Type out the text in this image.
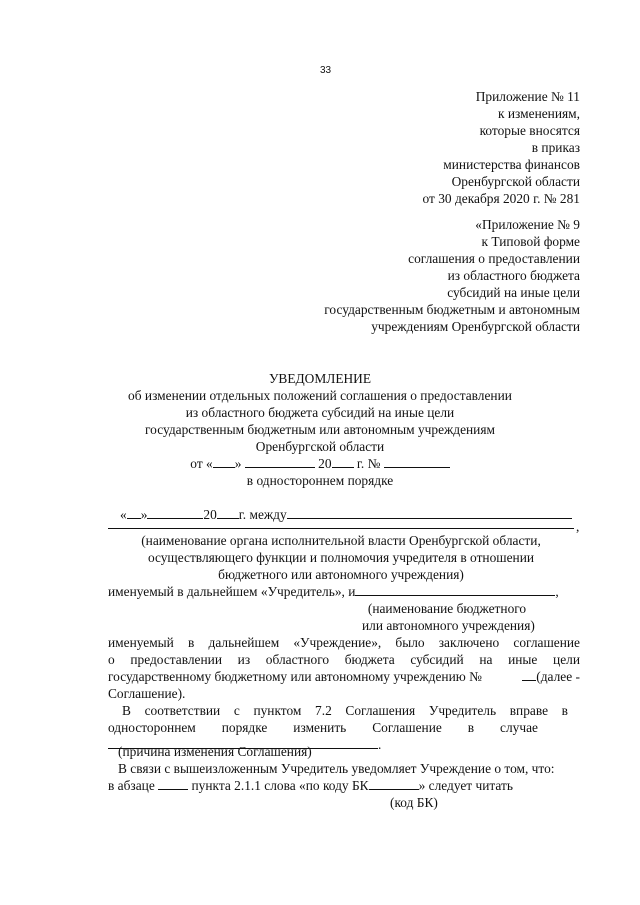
33
Приложение № 11
к изменениям,
которые вносятся
в приказ
министерства финансов
Оренбургской области
от 30 декабря 2020 г. № 281
«Приложение № 9
к Типовой форме
соглашения о предоставлении
из областного бюджета
субсидий на иные цели
государственным бюджетным и автономным
учреждениям Оренбургской области
УВЕДОМЛЕНИЕ
об изменении отдельных положений соглашения о предоставлении
из областного бюджета субсидий на иные цели
государственным бюджетным или автономным учреждениям
Оренбургской области
от « »	20 г. №
в одностороннем порядке
« »	20 г. между
,
(наименование органа исполнительной власти Оренбургской области,
осуществляющего функции и полномочия учредителя в отношении
бюджетного или автономного учреждения)
именуемый в дальнейшем «Учредитель», и	,
(наименование бюджетного
или автономного учреждения)
именуемый в дальнейшем «Учреждение», было заключено соглашение
о предоставлении из областного бюджета субсидий на иные цели
государственному бюджетному или автономному учреждению №	(далее -
Соглашение).
В соответствии с пунктом 7.2 Соглашения Учредитель вправе в
одностороннем порядке изменить Соглашение в случае
.
(причина изменения Соглашения)
В связи с вышеизложенным Учредитель уведомляет Учреждение о том, что:
в абзаце	пункта 2.1.1 слова «по коду БК	» следует читать
(код БК)
